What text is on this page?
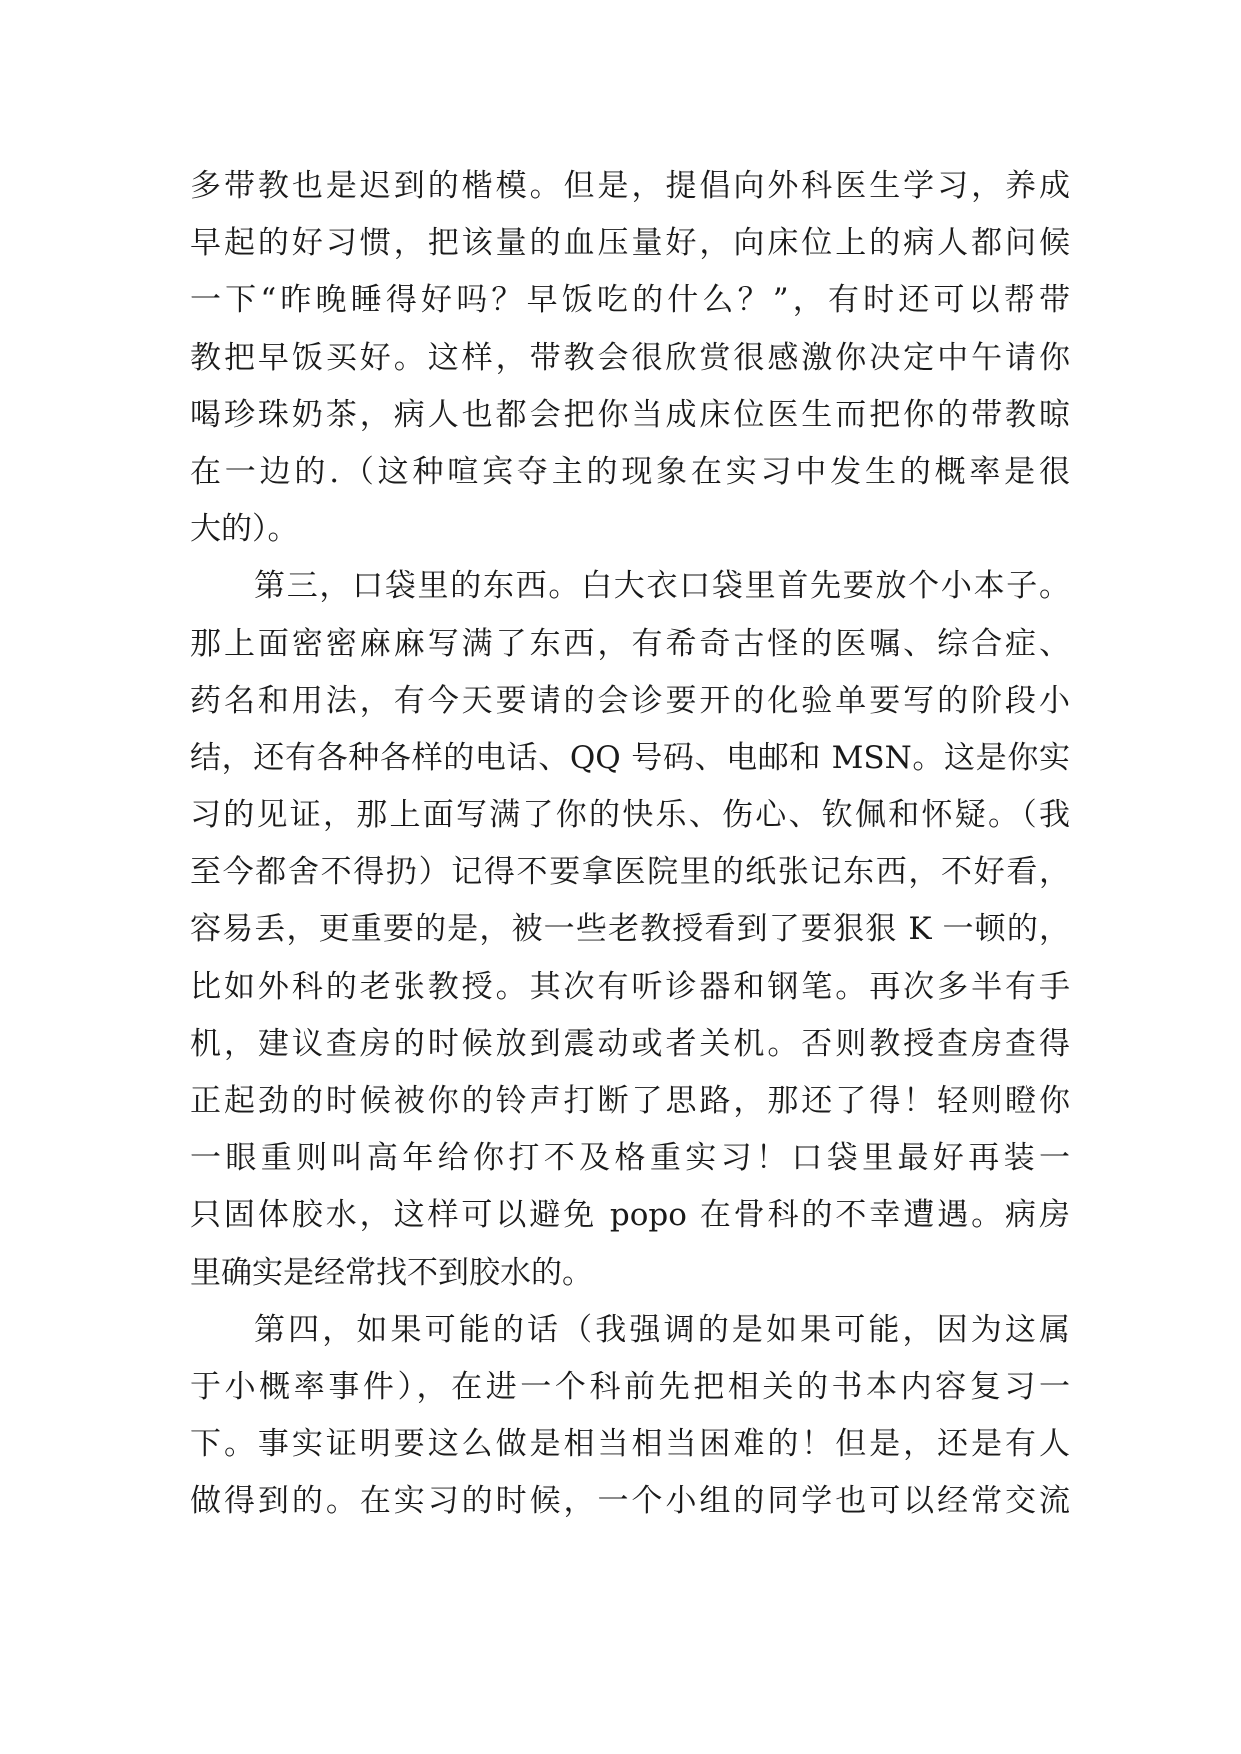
多带教也是迟到的楷模。但是，提倡向外科医生学习，养成
早起的好习惯，把该量的血压量好，向床位上的病人都问候
一下“昨晚睡得好吗？早饭吃的什么？”，有时还可以帮带
教把早饭买好。这样，带教会很欣赏很感激你决定中午请你
喝珍珠奶茶，病人也都会把你当成床位医生而把你的带教晾
在一边的.（这种喧宾夺主的现象在实习中发生的概率是很
大的）。
第三，口袋里的东西。白大衣口袋里首先要放个小本子。
那上面密密麻麻写满了东西，有希奇古怪的医嘱、综合症、
药名和用法，有今天要请的会诊要开的化验单要写的阶段小
结，还有各种各样的电话、QQ 号码、电邮和 MSN。这是你实
习的见证，那上面写满了你的快乐、伤心、钦佩和怀疑。（我
至今都舍不得扔）记得不要拿医院里的纸张记东西，不好看，
容易丢，更重要的是，被一些老教授看到了要狠狠 K 一顿的，
比如外科的老张教授。其次有听诊器和钢笔。再次多半有手
机，建议查房的时候放到震动或者关机。否则教授查房查得
正起劲的时候被你的铃声打断了思路，那还了得！轻则瞪你
一眼重则叫高年给你打不及格重实习！口袋里最好再装一
只固体胶水，这样可以避免 popo 在骨科的不幸遭遇。病房
里确实是经常找不到胶水的。
第四，如果可能的话（我强调的是如果可能，因为这属
于小概率事件），在进一个科前先把相关的书本内容复习一
下。事实证明要这么做是相当相当困难的！但是，还是有人
做得到的。在实习的时候，一个小组的同学也可以经常交流
